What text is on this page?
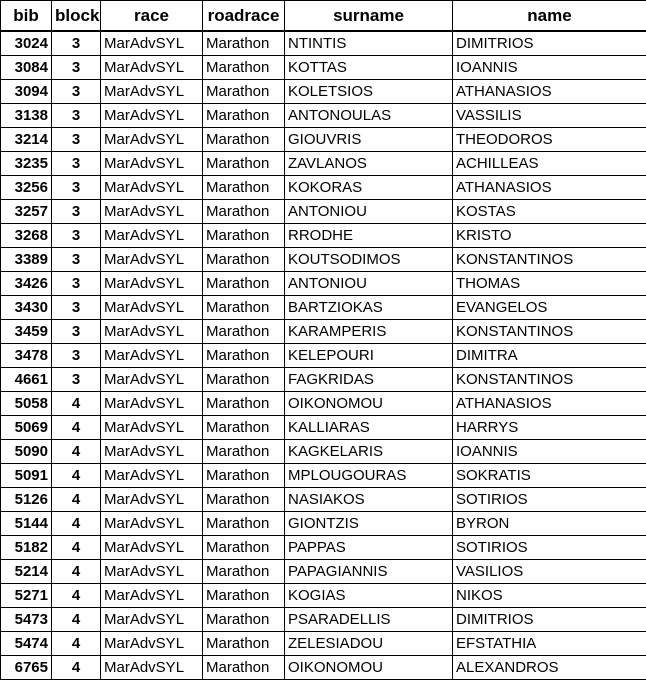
bib	block	race	roadrace	surname	name
3024	3	MarAdvSYL	Marathon	NTINTIS	DIMITRIOS
3084	3	MarAdvSYL	Marathon	KOTTAS	IOANNIS
3094	3	MarAdvSYL	Marathon	KOLETSIOS	ATHANASIOS
3138	3	MarAdvSYL	Marathon	ANTONOULAS	VASSILIS
3214	3	MarAdvSYL	Marathon	GIOUVRIS	THEODOROS
3235	3	MarAdvSYL	Marathon	ZAVLANOS	ACHILLEAS
3256	3	MarAdvSYL	Marathon	KOKORAS	ATHANASIOS
3257	3	MarAdvSYL	Marathon	ANTONIOU	KOSTAS
3268	3	MarAdvSYL	Marathon	RRODHE	KRISTO
3389	3	MarAdvSYL	Marathon	KOUTSODIMOS	KONSTANTINOS
3426	3	MarAdvSYL	Marathon	ANTONIOU	THOMAS
3430	3	MarAdvSYL	Marathon	BARTZIOKAS	EVANGELOS
3459	3	MarAdvSYL	Marathon	KARAMPERIS	KONSTANTINOS
3478	3	MarAdvSYL	Marathon	KELEPOURI	DIMITRA
4661	3	MarAdvSYL	Marathon	FAGKRIDAS	KONSTANTINOS
5058	4	MarAdvSYL	Marathon	OIKONOMOU	ATHANASIOS
5069	4	MarAdvSYL	Marathon	KALLIARAS	HARRYS
5090	4	MarAdvSYL	Marathon	KAGKELARIS	IOANNIS
5091	4	MarAdvSYL	Marathon	MPLOUGOURAS	SOKRATIS
5126	4	MarAdvSYL	Marathon	NASIAKOS	SOTIRIOS
5144	4	MarAdvSYL	Marathon	GIONTZIS	BYRON
5182	4	MarAdvSYL	Marathon	PAPPAS	SOTIRIOS
5214	4	MarAdvSYL	Marathon	PAPAGIANNIS	VASILIOS
5271	4	MarAdvSYL	Marathon	KOGIAS	NIKOS
5473	4	MarAdvSYL	Marathon	PSARADELLIS	DIMITRIOS
5474	4	MarAdvSYL	Marathon	ZELESIADOU	EFSTATHIA
6765	4	MarAdvSYL	Marathon	OIKONOMOU	ALEXANDROS
